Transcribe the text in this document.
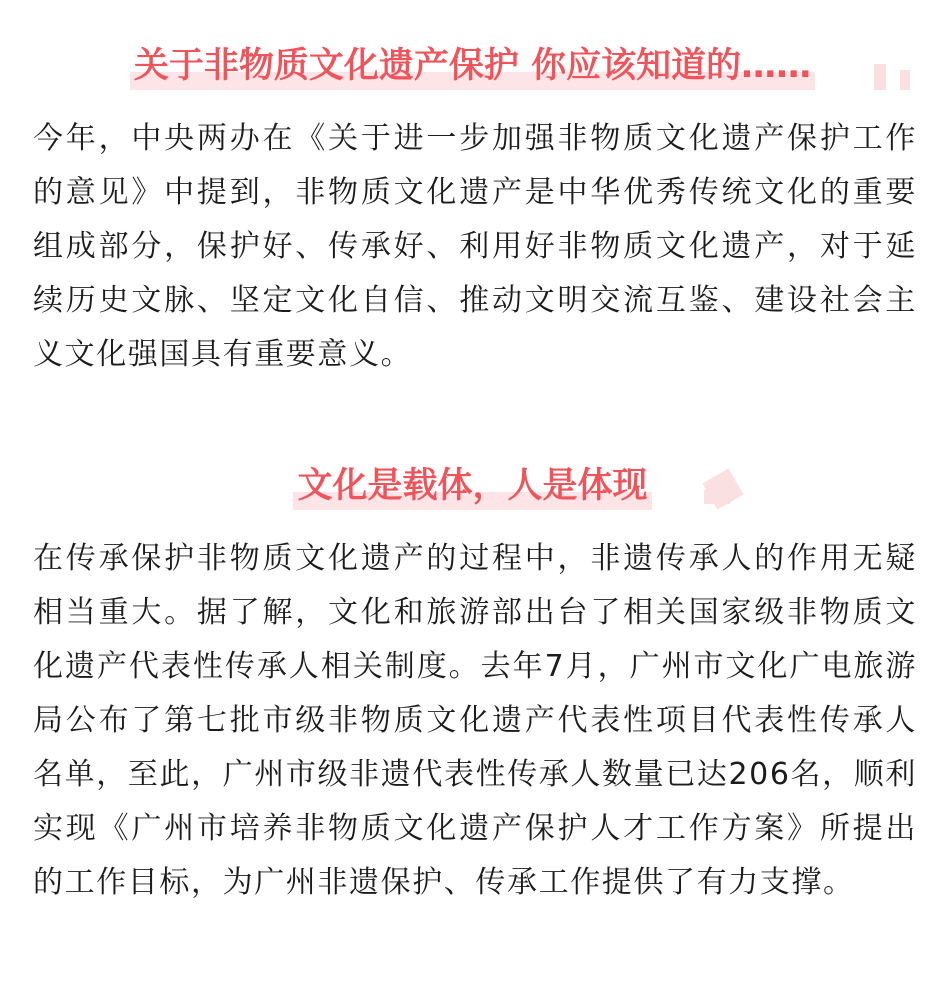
关于非物质文化遗产保护 你应该知道的……

今年，中央两办在《关于进一步加强非物质文化遗产保护工作的意见》中提到，非物质文化遗产是中华优秀传统文化的重要组成部分，保护好、传承好、利用好非物质文化遗产，对于延续历史文脉、坚定文化自信、推动文明交流互鉴、建设社会主义文化强国具有重要意义。

文化是载体，人是体现

在传承保护非物质文化遗产的过程中，非遗传承人的作用无疑相当重大。据了解，文化和旅游部出台了相关国家级非物质文化遗产代表性传承人相关制度。去年7月，广州市文化广电旅游局公布了第七批市级非物质文化遗产代表性项目代表性传承人名单，至此，广州市级非遗代表性传承人数量已达206名，顺利实现《广州市培养非物质文化遗产保护人才工作方案》所提出的工作目标，为广州非遗保护、传承工作提供了有力支撑。
